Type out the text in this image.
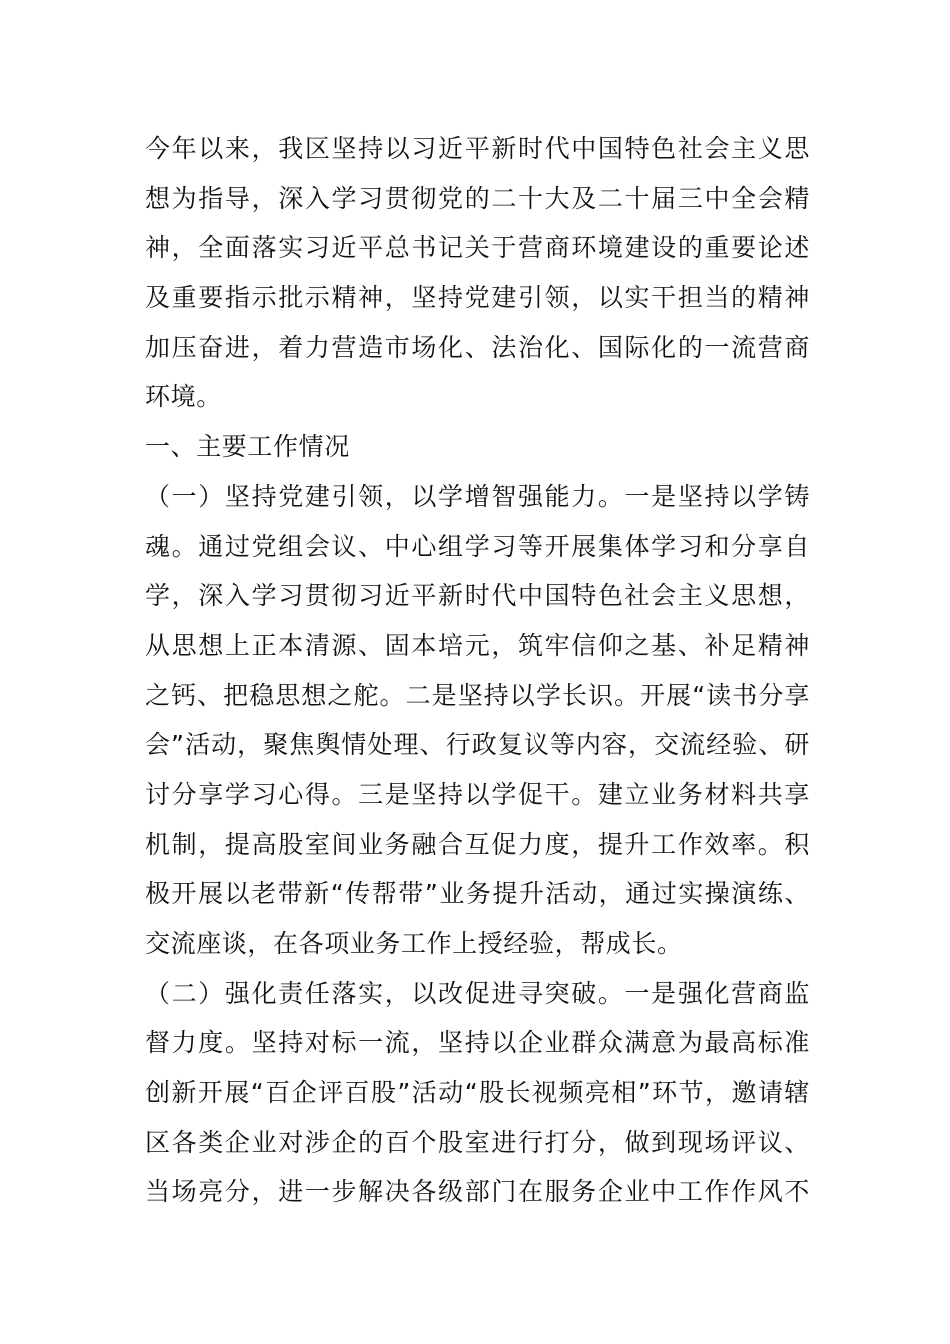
今年以来，我区坚持以习近平新时代中国特色社会主义思
想为指导，深入学习贯彻党的二十大及二十届三中全会精
神，全面落实习近平总书记关于营商环境建设的重要论述
及重要指示批示精神，坚持党建引领，以实干担当的精神
加压奋进，着力营造市场化、法治化、国际化的一流营商
环境。
一、主要工作情况
（一）坚持党建引领，以学增智强能力。一是坚持以学铸
魂。通过党组会议、中心组学习等开展集体学习和分享自
学，深入学习贯彻习近平新时代中国特色社会主义思想，
从思想上正本清源、固本培元，筑牢信仰之基、补足精神
之钙、把稳思想之舵。二是坚持以学长识。开展“读书分享
会”活动，聚焦舆情处理、行政复议等内容，交流经验、研
讨分享学习心得。三是坚持以学促干。建立业务材料共享
机制，提高股室间业务融合互促力度，提升工作效率。积
极开展以老带新“传帮带”业务提升活动，通过实操演练、
交流座谈，在各项业务工作上授经验，帮成长。
（二）强化责任落实，以改促进寻突破。一是强化营商监
督力度。坚持对标一流，坚持以企业群众满意为最高标准
创新开展“百企评百股”活动“股长视频亮相”环节，邀请辖
区各类企业对涉企的百个股室进行打分，做到现场评议、
当场亮分，进一步解决各级部门在服务企业中工作作风不
